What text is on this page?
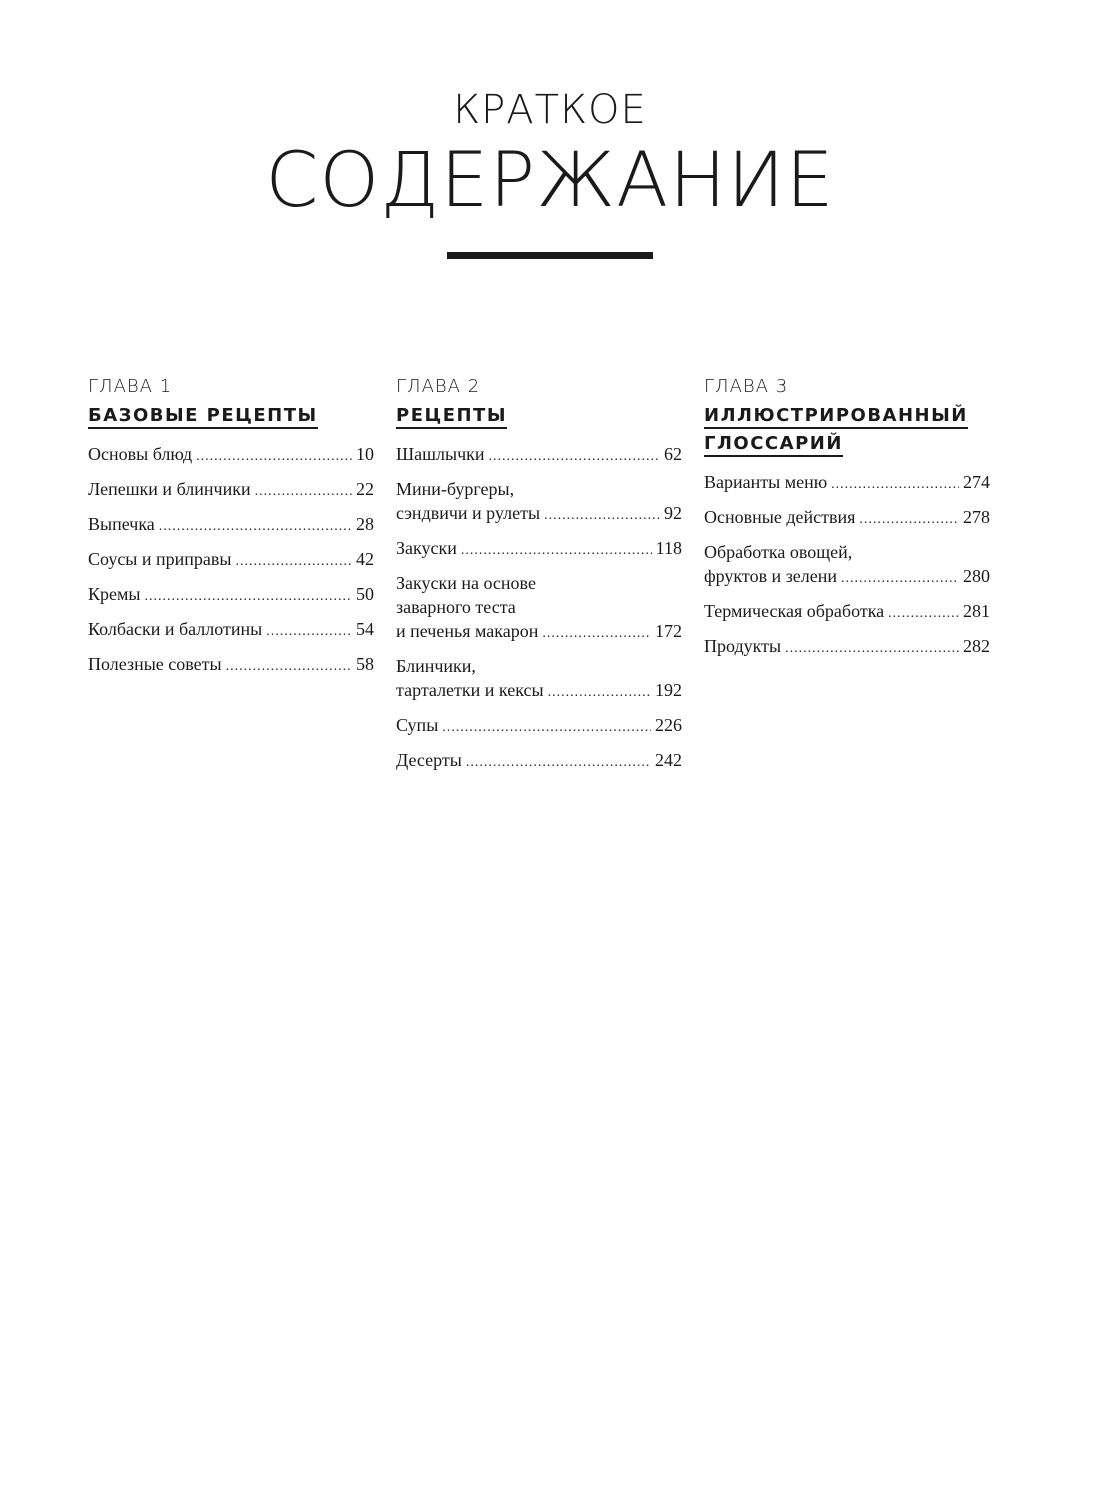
КРАТКОЕ
СОДЕРЖАНИЕ
ГЛАВА 1
БАЗОВЫЕ РЕЦЕПТЫ
Основы блюд .....	10
Лепешки и блинчики .....	22
Выпечка .....	28
Соусы и приправы .....	42
Кремы .....	50
Колбаски и баллотины .....	54
Полезные советы .....	58
ГЛАВА 2
РЕЦЕПТЫ
Шашлычки .....	62
Мини-бургеры,
сэндвичи и рулеты .....	92
Закуски .....	118
Закуски на основе
заварного теста
и печенья макарон .....	172
Блинчики,
тарталетки и кексы .....	192
Супы .....	226
Десерты .....	242
ГЛАВА 3
ИЛЛЮСТРИРОВАННЫЙ
ГЛОССАРИЙ
Варианты меню .....	274
Основные действия .....	278
Обработка овощей,
фруктов и зелени .....	280
Термическая обработка .....	281
Продукты .....	282
